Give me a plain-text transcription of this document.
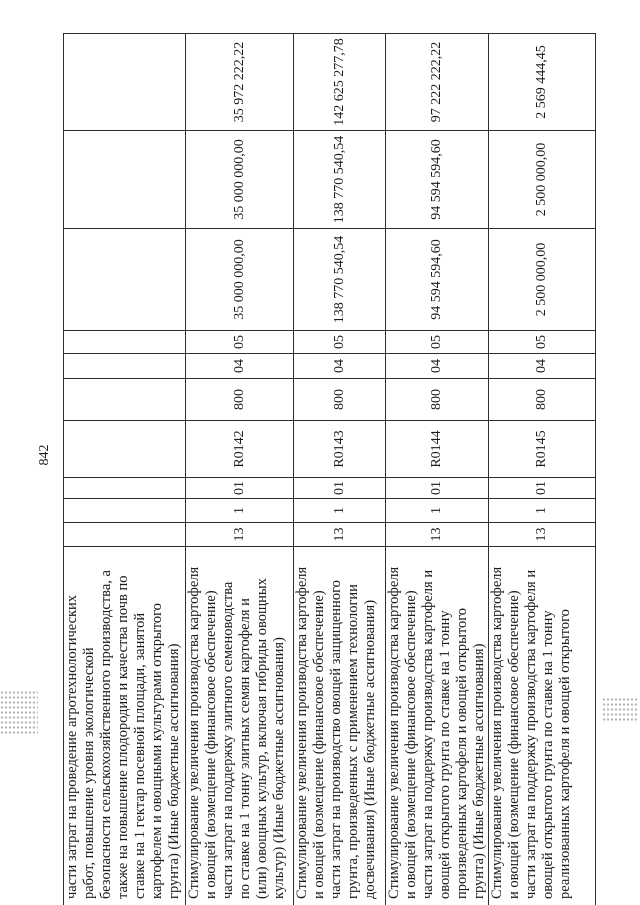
842
части затрат на проведение агротехнологических
работ, повышение уровня экологической
безопасности сельскохозяйственного производства, а
также на повышение плодородия и качества почв по
ставке на 1 гектар посевной площади, занятой
картофелем и овощными культурами открытого
грунта) (Иные бюджетные ассигнования)
Стимулирование увеличения производства картофеля
и овощей (возмещение (финансовое обеспечение)
части затрат на поддержку элитного семеноводства
по ставке на 1 тонну элитных семян картофеля и
(или) овощных культур, включая гибриды овощных
культур) (Иные бюджетные ассигнования)
13
1
01
R0142
800
04
05
35 000 000,00
35 000 000,00
35 972 222,22
Стимулирование увеличения производства картофеля
и овощей (возмещение (финансовое обеспечение)
части затрат на производство овощей защищенного
грунта, произведенных с применением технологии
досвечивания) (Иные бюджетные ассигнования)
13
1
01
R0143
800
04
05
138 770 540,54
138 770 540,54
142 625 277,78
Стимулирование увеличения производства картофеля
и овощей (возмещение (финансовое обеспечение)
части затрат на поддержку производства картофеля и
овощей открытого грунта по ставке на 1 тонну
произведенных картофеля и овощей открытого
грунта) (Иные бюджетные ассигнования)
13
1
01
R0144
800
04
05
94 594 594,60
94 594 594,60
97 222 222,22
Стимулирование увеличения производства картофеля
и овощей (возмещение (финансовое обеспечение)
части затрат на поддержку производства картофеля и
овощей открытого грунта по ставке на 1 тонну
реализованных картофеля и овощей открытого
13
1
01
R0145
800
04
05
2 500 000,00
2 500 000,00
2 569 444,45
